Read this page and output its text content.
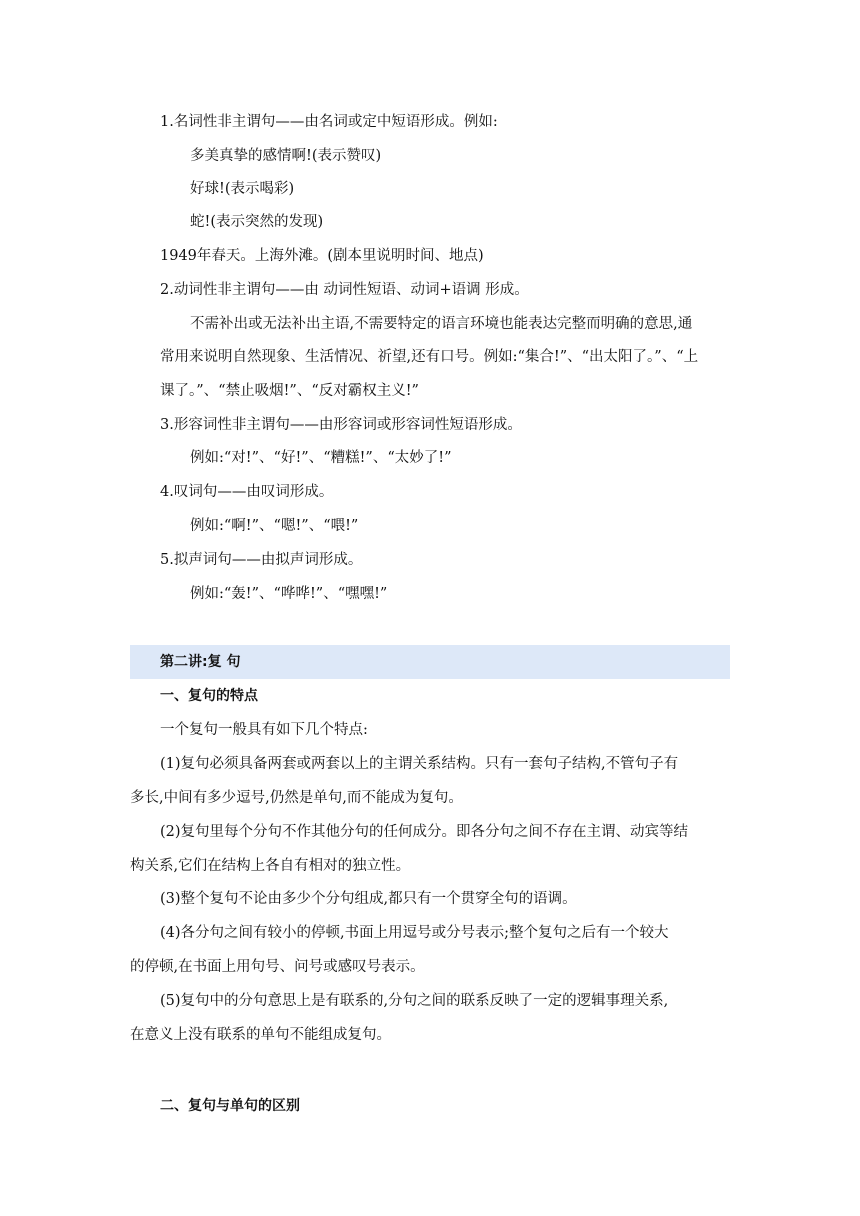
1.名词性非主谓句——由名词或定中短语形成。例如:
多美真挚的感情啊!(表示赞叹)
好球!(表示喝彩)
蛇!(表示突然的发现)
1949年春天。上海外滩。(剧本里说明时间、地点)
2.动词性非主谓句——由 动词性短语、动词+语调 形成。
不需补出或无法补出主语,不需要特定的语言环境也能表达完整而明确的意思,通
常用来说明自然现象、生活情况、祈望,还有口号。例如:“集合!”、“出太阳了。”、“上
课了。”、“禁止吸烟!”、“反对霸权主义!”
3.形容词性非主谓句——由形容词或形容词性短语形成。
例如:“对!”、“好!”、“糟糕!”、“太妙了!”
4.叹词句——由叹词形成。
例如:“啊!”、“嗯!”、“喂!”
5.拟声词句——由拟声词形成。
例如:“轰!”、“哗哗!”、“嘿嘿!”
第二讲:复 句
一、复句的特点
一个复句一般具有如下几个特点:
(1)复句必须具备两套或两套以上的主谓关系结构。只有一套句子结构,不管句子有
多长,中间有多少逗号,仍然是单句,而不能成为复句。
(2)复句里每个分句不作其他分句的任何成分。即各分句之间不存在主谓、动宾等结
构关系,它们在结构上各自有相对的独立性。
(3)整个复句不论由多少个分句组成,都只有一个贯穿全句的语调。
(4)各分句之间有较小的停顿,书面上用逗号或分号表示;整个复句之后有一个较大
的停顿,在书面上用句号、问号或感叹号表示。
(5)复句中的分句意思上是有联系的,分句之间的联系反映了一定的逻辑事理关系,
在意义上没有联系的单句不能组成复句。
二、复句与单句的区别
